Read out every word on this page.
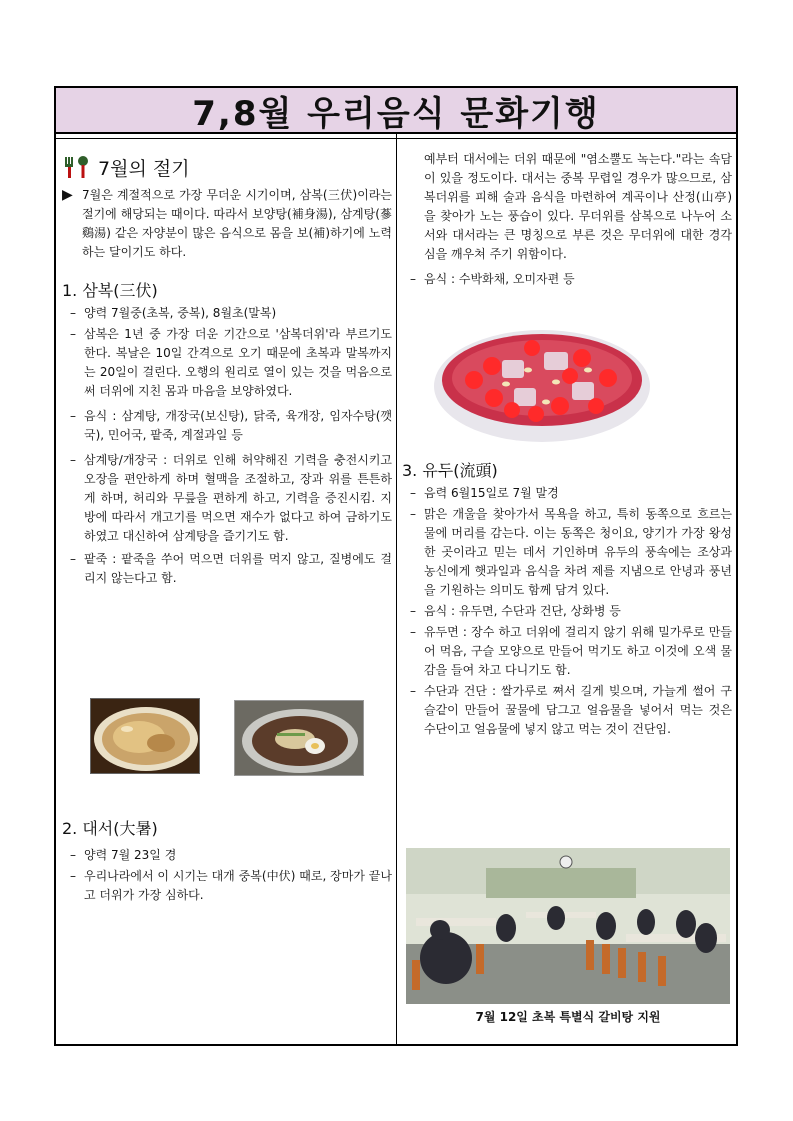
7,8월 우리음식 문화기행
7월의 절기
▶ 7월은 계절적으로 가장 무더운 시기이며, 삼복(三伏)이라는 절기에 해당되는 때이다. 따라서 보양탕(補身湯), 삼계탕(蔘鷄湯) 같은 자양분이 많은 음식으로 몸을 보(補)하기에 노력하는 달이기도 하다.

1. 삼복(三伏)
– 양력 7월중(초복, 중복), 8월초(말복)
– 삼복은 1년 중 가장 더운 기간으로 '삼복더위'라 부르기도 한다. 복날은 10일 간격으로 오기 때문에 초복과 말복까지는 20일이 걸린다. 오행의 원리로 열이 있는 것을 먹음으로써 더위에 지친 몸과 마음을 보양하였다.
– 음식 : 삼계탕, 개장국(보신탕), 닭죽, 육개장, 임자수탕(깻국), 민어국, 팥죽, 계절과일 등
– 삼계탕/개장국 : 더위로 인해 허약해진 기력을 충전시키고 오장을 편안하게 하며 혈맥을 조절하고, 장과 위를 튼튼하게 하며, 허리와 무릎을 편하게 하고, 기력을 증진시킴. 지방에 따라서 개고기를 먹으면 재수가 없다고 하여 금하기도 하였고 대신하여 삼계탕을 즐기기도 함.
– 팥죽 : 팥죽을 쑤어 먹으면 더위를 먹지 않고, 질병에도 걸리지 않는다고 함.
2. 대서(大暑)
– 양력 7월 23일 경
– 우리나라에서 이 시기는 대개 중복(中伏) 때로, 장마가 끝나고 더위가 가장 심하다.

예부터 대서에는 더위 때문에 "염소뿔도 녹는다."라는 속담이 있을 정도이다. 대서는 중복 무렵일 경우가 많으므로, 삼복더위를 피해 술과 음식을 마련하여 계곡이나 산정(山亭)을 찾아가 노는 풍습이 있다. 무더위를 삼복으로 나누어 소서와 대서라는 큰 명칭으로 부른 것은 무더위에 대한 경각심을 깨우쳐 주기 위함이다.

– 음식 : 수박화채, 오미자편 등
3. 유두(流頭)
– 음력 6월15일로 7월 말경
– 맑은 개울을 찾아가서 목욕을 하고, 특히 동쪽으로 흐르는 물에 머리를 감는다. 이는 동쪽은 청이요, 양기가 가장 왕성한 곳이라고 믿는 데서 기인하며 유두의 풍속에는 조상과 농신에게 햇과일과 음식을 차려 제를 지냄으로 안녕과 풍년을 기원하는 의미도 함께 담겨 있다.
– 음식 : 유두면, 수단과 건단, 상화병 등
– 유두면 : 장수 하고 더위에 걸리지 않기 위해 밀가루로 만들어 먹음, 구슬 모양으로 만들어 먹기도 하고 이것에 오색 물감을 들여 차고 다니기도 함.
– 수단과 건단 : 쌀가루로 쪄서 길게 빚으며, 가늘게 썰어 구슬같이 만들어 꿀물에 담그고 얼음물을 넣어서 먹는 것은 수단이고 얼음물에 넣지 않고 먹는 것이 건단임.
7월 12일 초복 특별식 갈비탕 지원
